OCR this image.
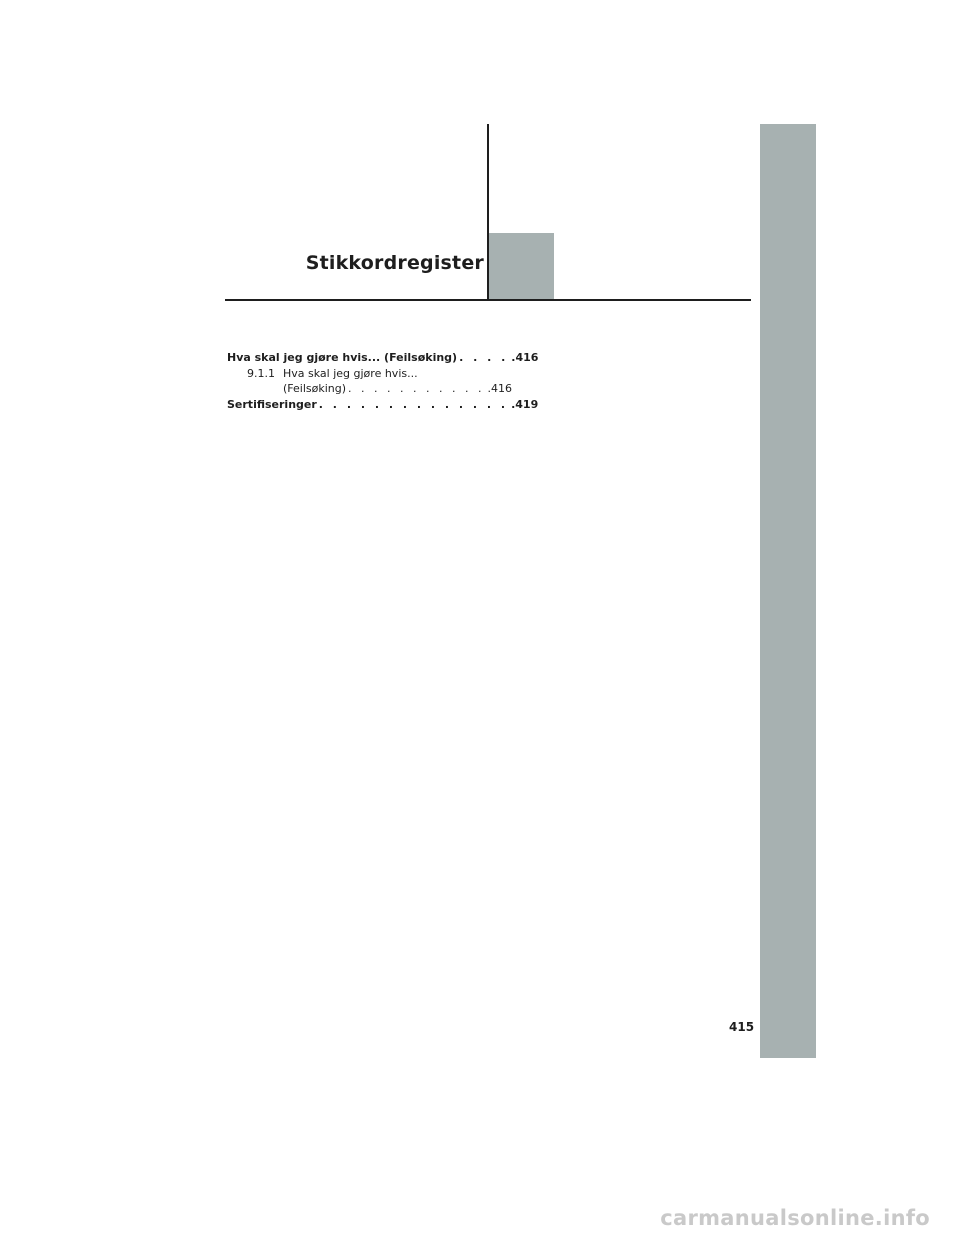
Stikkordregister
Hva skal jeg gjøre hvis... (Feilsøking) . . . . .416
9.1.1 Hva skal jeg gjøre hvis...
(Feilsøking) . . . . . . . . . . . .416
Sertifiseringer . . . . . . . . . . . . . . .419
415
carmanualsonline.info
